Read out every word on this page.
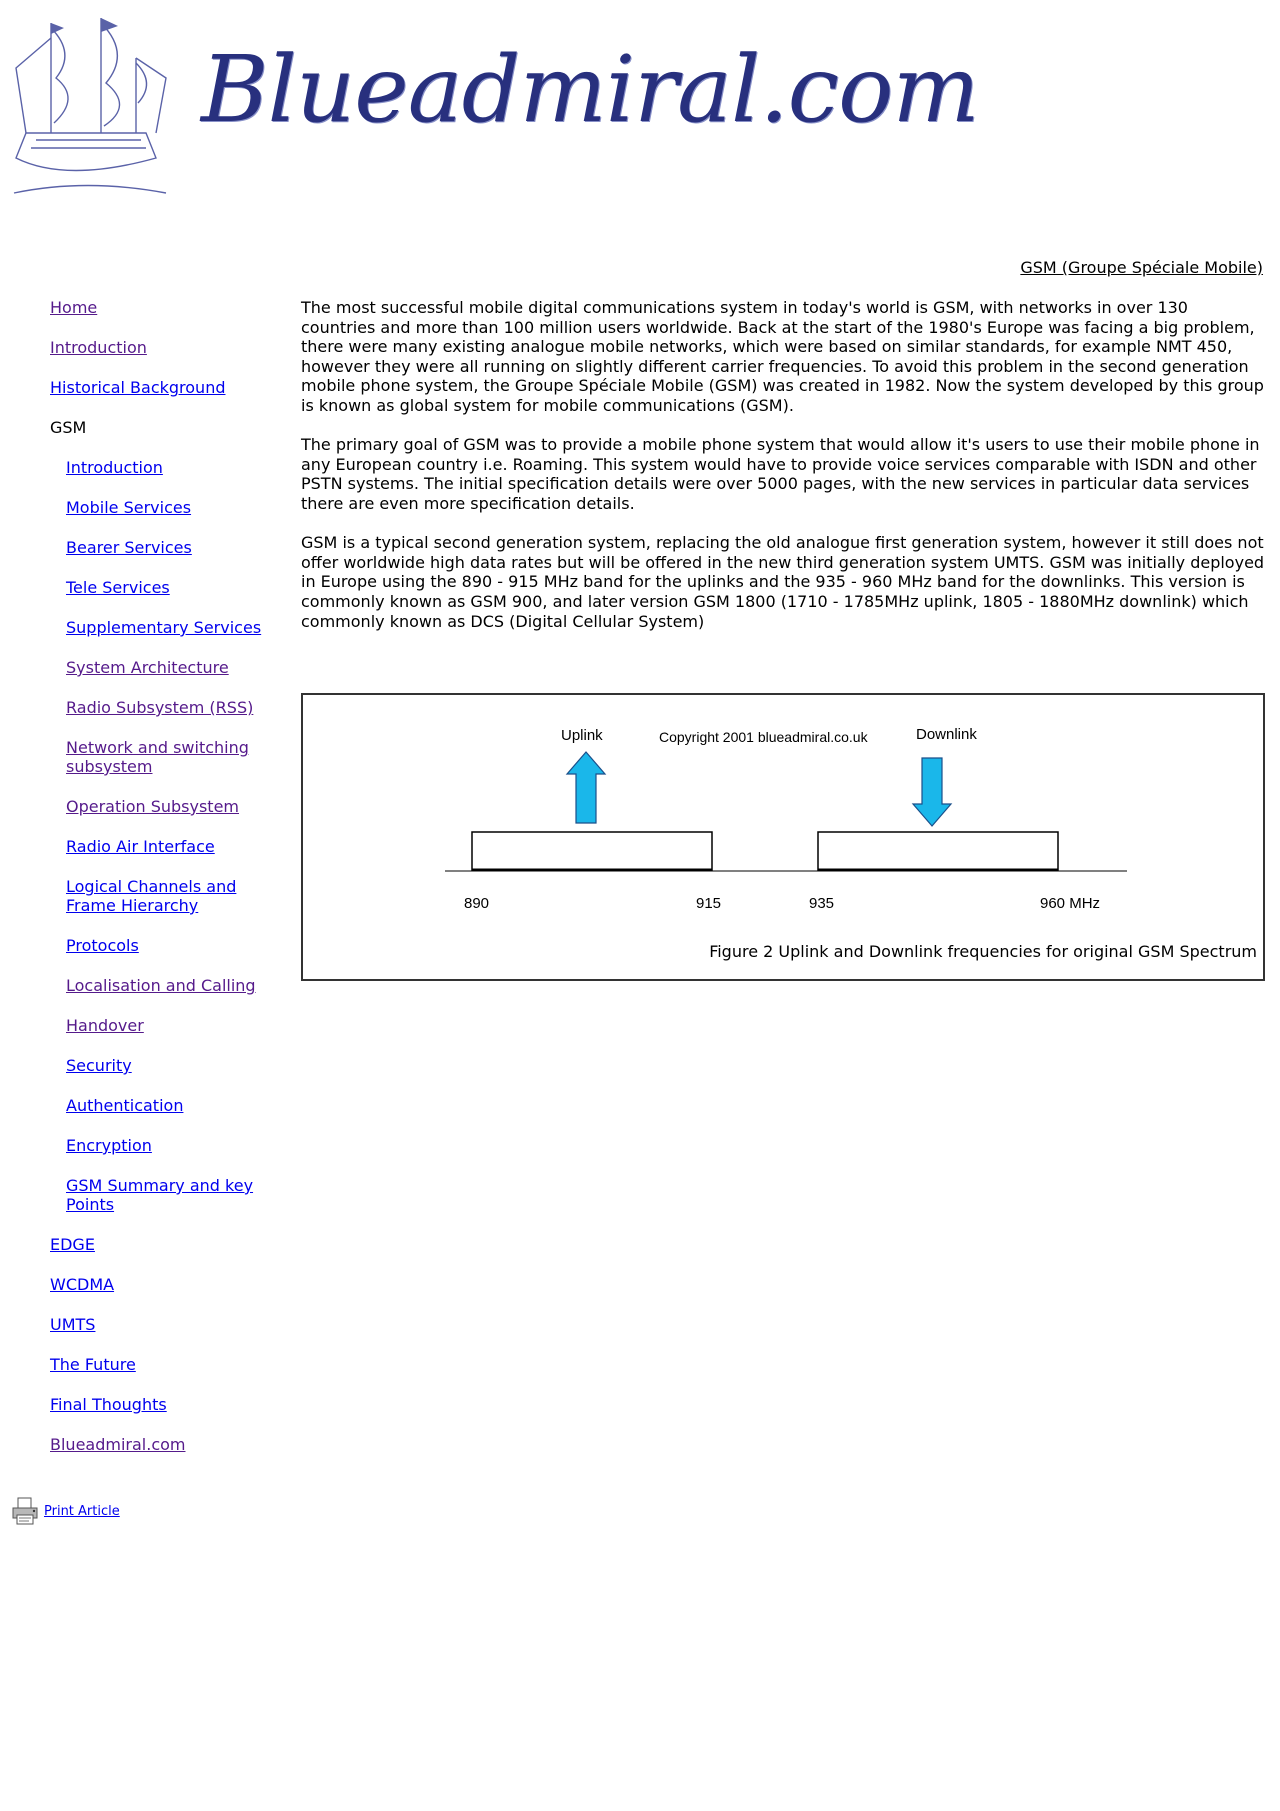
Blueadmiral.com
GSM (Groupe Spéciale Mobile)
Home
Introduction
Historical Background
GSM
Introduction
Mobile Services
Bearer Services
Tele Services
Supplementary Services
System Architecture
Radio Subsystem (RSS)
Network and switching subsystem
Operation Subsystem
Radio Air Interface
Logical Channels and Frame Hierarchy
Protocols
Localisation and Calling
Handover
Security
Authentication
Encryption
GSM Summary and key Points
EDGE
WCDMA
UMTS
The Future
Final Thoughts
Blueadmiral.com
Print Article

The most successful mobile digital communications system in today's world is GSM, with networks in over 130 countries and more than 100 million users worldwide. Back at the start of the 1980's Europe was facing a big problem, there were many existing analogue mobile networks, which were based on similar standards, for example NMT 450, however they were all running on slightly different carrier frequencies. To avoid this problem in the second generation mobile phone system, the Groupe Spéciale Mobile (GSM) was created in 1982. Now the system developed by this group is known as global system for mobile communications (GSM).

The primary goal of GSM was to provide a mobile phone system that would allow it's users to use their mobile phone in any European country i.e. Roaming. This system would have to provide voice services comparable with ISDN and other PSTN systems. The initial specification details were over 5000 pages, with the new services in particular data services there are even more specification details.

GSM is a typical second generation system, replacing the old analogue first generation system, however it still does not offer worldwide high data rates but will be offered in the new third generation system UMTS. GSM was initially deployed in Europe using the 890 - 915 MHz band for the uplinks and the 935 - 960 MHz band for the downlinks. This version is commonly known as GSM 900, and later version GSM 1800 (1710 - 1785MHz uplink, 1805 - 1880MHz downlink) which commonly known as DCS (Digital Cellular System)

Uplink	Copyright 2001 blueadmiral.co.uk	Downlink
890	915	935	960 MHz
Figure 2 Uplink and Downlink frequencies for original GSM Spectrum
